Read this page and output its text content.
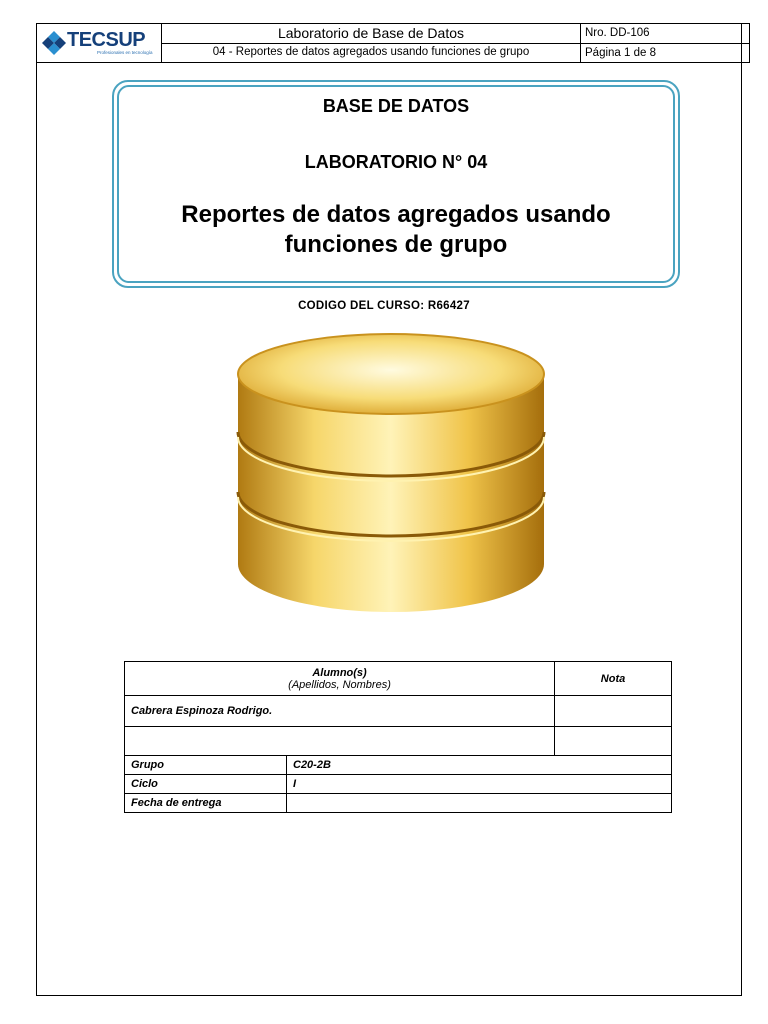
TECSUP
Profesionales en tecnología	Laboratorio de Base de Datos	Nro. DD-106

	04 - Reportes de datos agregados usando funciones de grupo	Página 1 de 8
BASE DE DATOS
LABORATORIO N° 04
Reportes de datos agregados usando
funciones de grupo
CODIGO DEL CURSO: R66427
Alumno(s)
(Apellidos, Nombres)		Nota
Cabrera Espinoza Rodrigo.		

Grupo	C20-2B	
Ciclo	I	
Fecha de entrega		
